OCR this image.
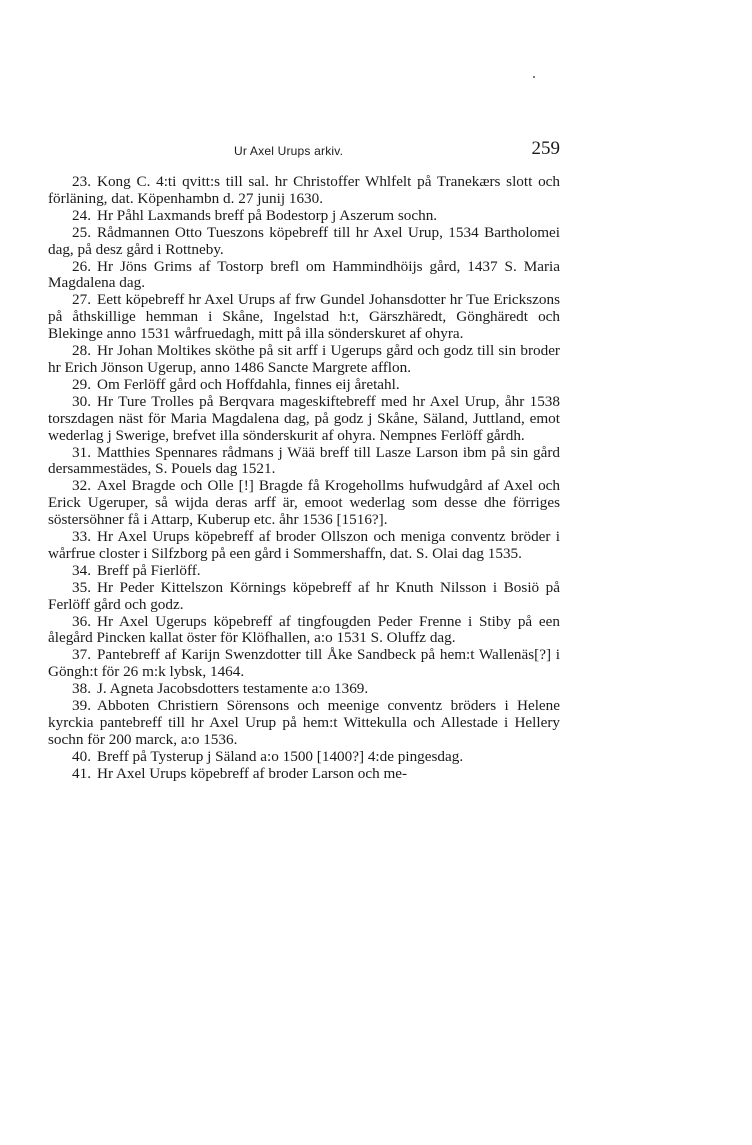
Ur Axel Urups arkiv.	259

23. Kong C. 4:ti qvitt:s till sal. hr Christoffer Whlfelt på Tranekærs slott och förläning, dat. Köpenhambn d. 27 junij 1630.

24. Hr Påhl Laxmands breff på Bodestorp j Aszerum sochn.

25. Rådmannen Otto Tueszons köpebreff till hr Axel Urup, 1534 Bartholomei dag, på desz gård i Rottneby.

26. Hr Jöns Grims af Tostorp brefl om Hammindhöijs gård, 1437 S. Maria Magdalena dag.

27. Eett köpebreff hr Axel Urups af frw Gundel Johansdotter hr Tue Erickszons på åthskillige hemman i Skåne, Ingelstad h:t, Gärszhäredt, Gönghäredt och Blekinge anno 1531 wårfruedagh, mitt på illa sönderskuret af ohyra.

28. Hr Johan Moltikes sköthe på sit arff i Ugerups gård och godz till sin broder hr Erich Jönson Ugerup, anno 1486 Sancte Margrete afflon.

29. Om Ferlöff gård och Hoffdahla, finnes eij åretahl.

30. Hr Ture Trolles på Berqvara mageskiftebreff med hr Axel Urup, åhr 1538 torszdagen näst för Maria Magdalena dag, på godz j Skåne, Säland, Juttland, emot wederlag j Swerige, brefvet illa sönderskurit af ohyra. Nempnes Ferlöff gårdh.

31. Matthies Spennares rådmans j Wää breff till Lasze Larson ibm på sin gård dersammestädes, S. Pouels dag 1521.

32. Axel Bragde och Olle [!] Bragde få Krogehollms hufwudgård af Axel och Erick Ugeruper, så wijda deras arff är, emoot wederlag som desse dhe förriges söstersöhner få i Attarp, Kuberup etc. åhr 1536 [1516?].

33. Hr Axel Urups köpebreff af broder Ollszon och meniga conventz bröder i wårfrue closter i Silfzborg på een gård i Sommershaffn, dat. S. Olai dag 1535.

34. Breff på Fierlöff.

35. Hr Peder Kittelszon Körnings köpebreff af hr Knuth Nilsson i Bosiö på Ferlöff gård och godz.

36. Hr Axel Ugerups köpebreff af tingfougden Peder Frenne i Stiby på een ålegård Pincken kallat öster för Klöfhallen, a:o 1531 S. Oluffz dag.

37. Pantebreff af Karijn Swenzdotter till Åke Sandbeck på hem:t Wallenäs[?] i Göngh:t för 26 m:k lybsk, 1464.

38. J. Agneta Jacobsdotters testamente a:o 1369.

39. Abboten Christiern Sörensons och meenige conventz bröders i Helene kyrckia pantebreff till hr Axel Urup på hem:t Wittekulla och Allestade i Hellery sochn för 200 marck, a:o 1536.

40. Breff på Tysterup j Säland a:o 1500 [1400?] 4:de pingesdag.

41. Hr Axel Urups köpebreff af broder Larson och me-
